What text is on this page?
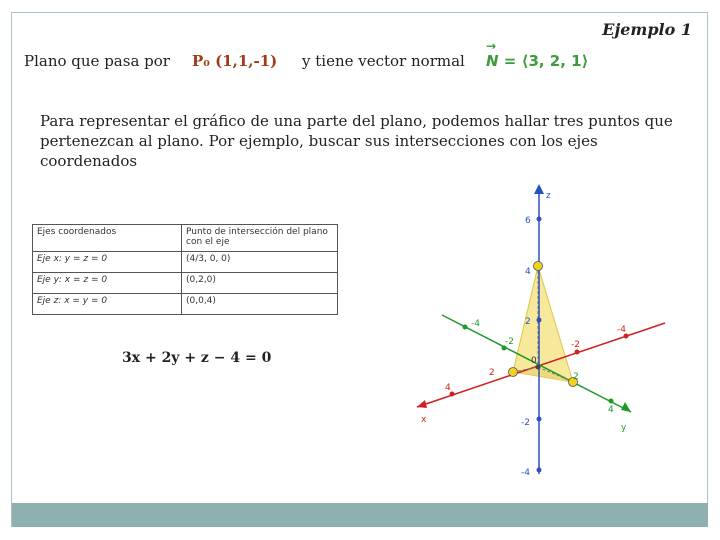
Ejemplo 1
Plano que pasa por P₀ (1,1,-1) y tiene vector normal → N = ⟨3, 2, 1⟩
Para representar el gráfico de una parte del plano, podemos hallar tres puntos que pertenezcan al plano. Por ejemplo, buscar sus intersecciones con los ejes coordenados
Ejes coordenados	Punto de intersección del plano con el eje
Eje x: y = z = 0	(4/3, 0, 0)
Eje y: x = z = 0	(0,2,0)
Eje z: x = y = 0	(0,0,4)
3x + 2y + z − 4 = 0
z
x
y
6
4
2
-2
-4
4
2
-2
-4
-4
-2
2
4
0
